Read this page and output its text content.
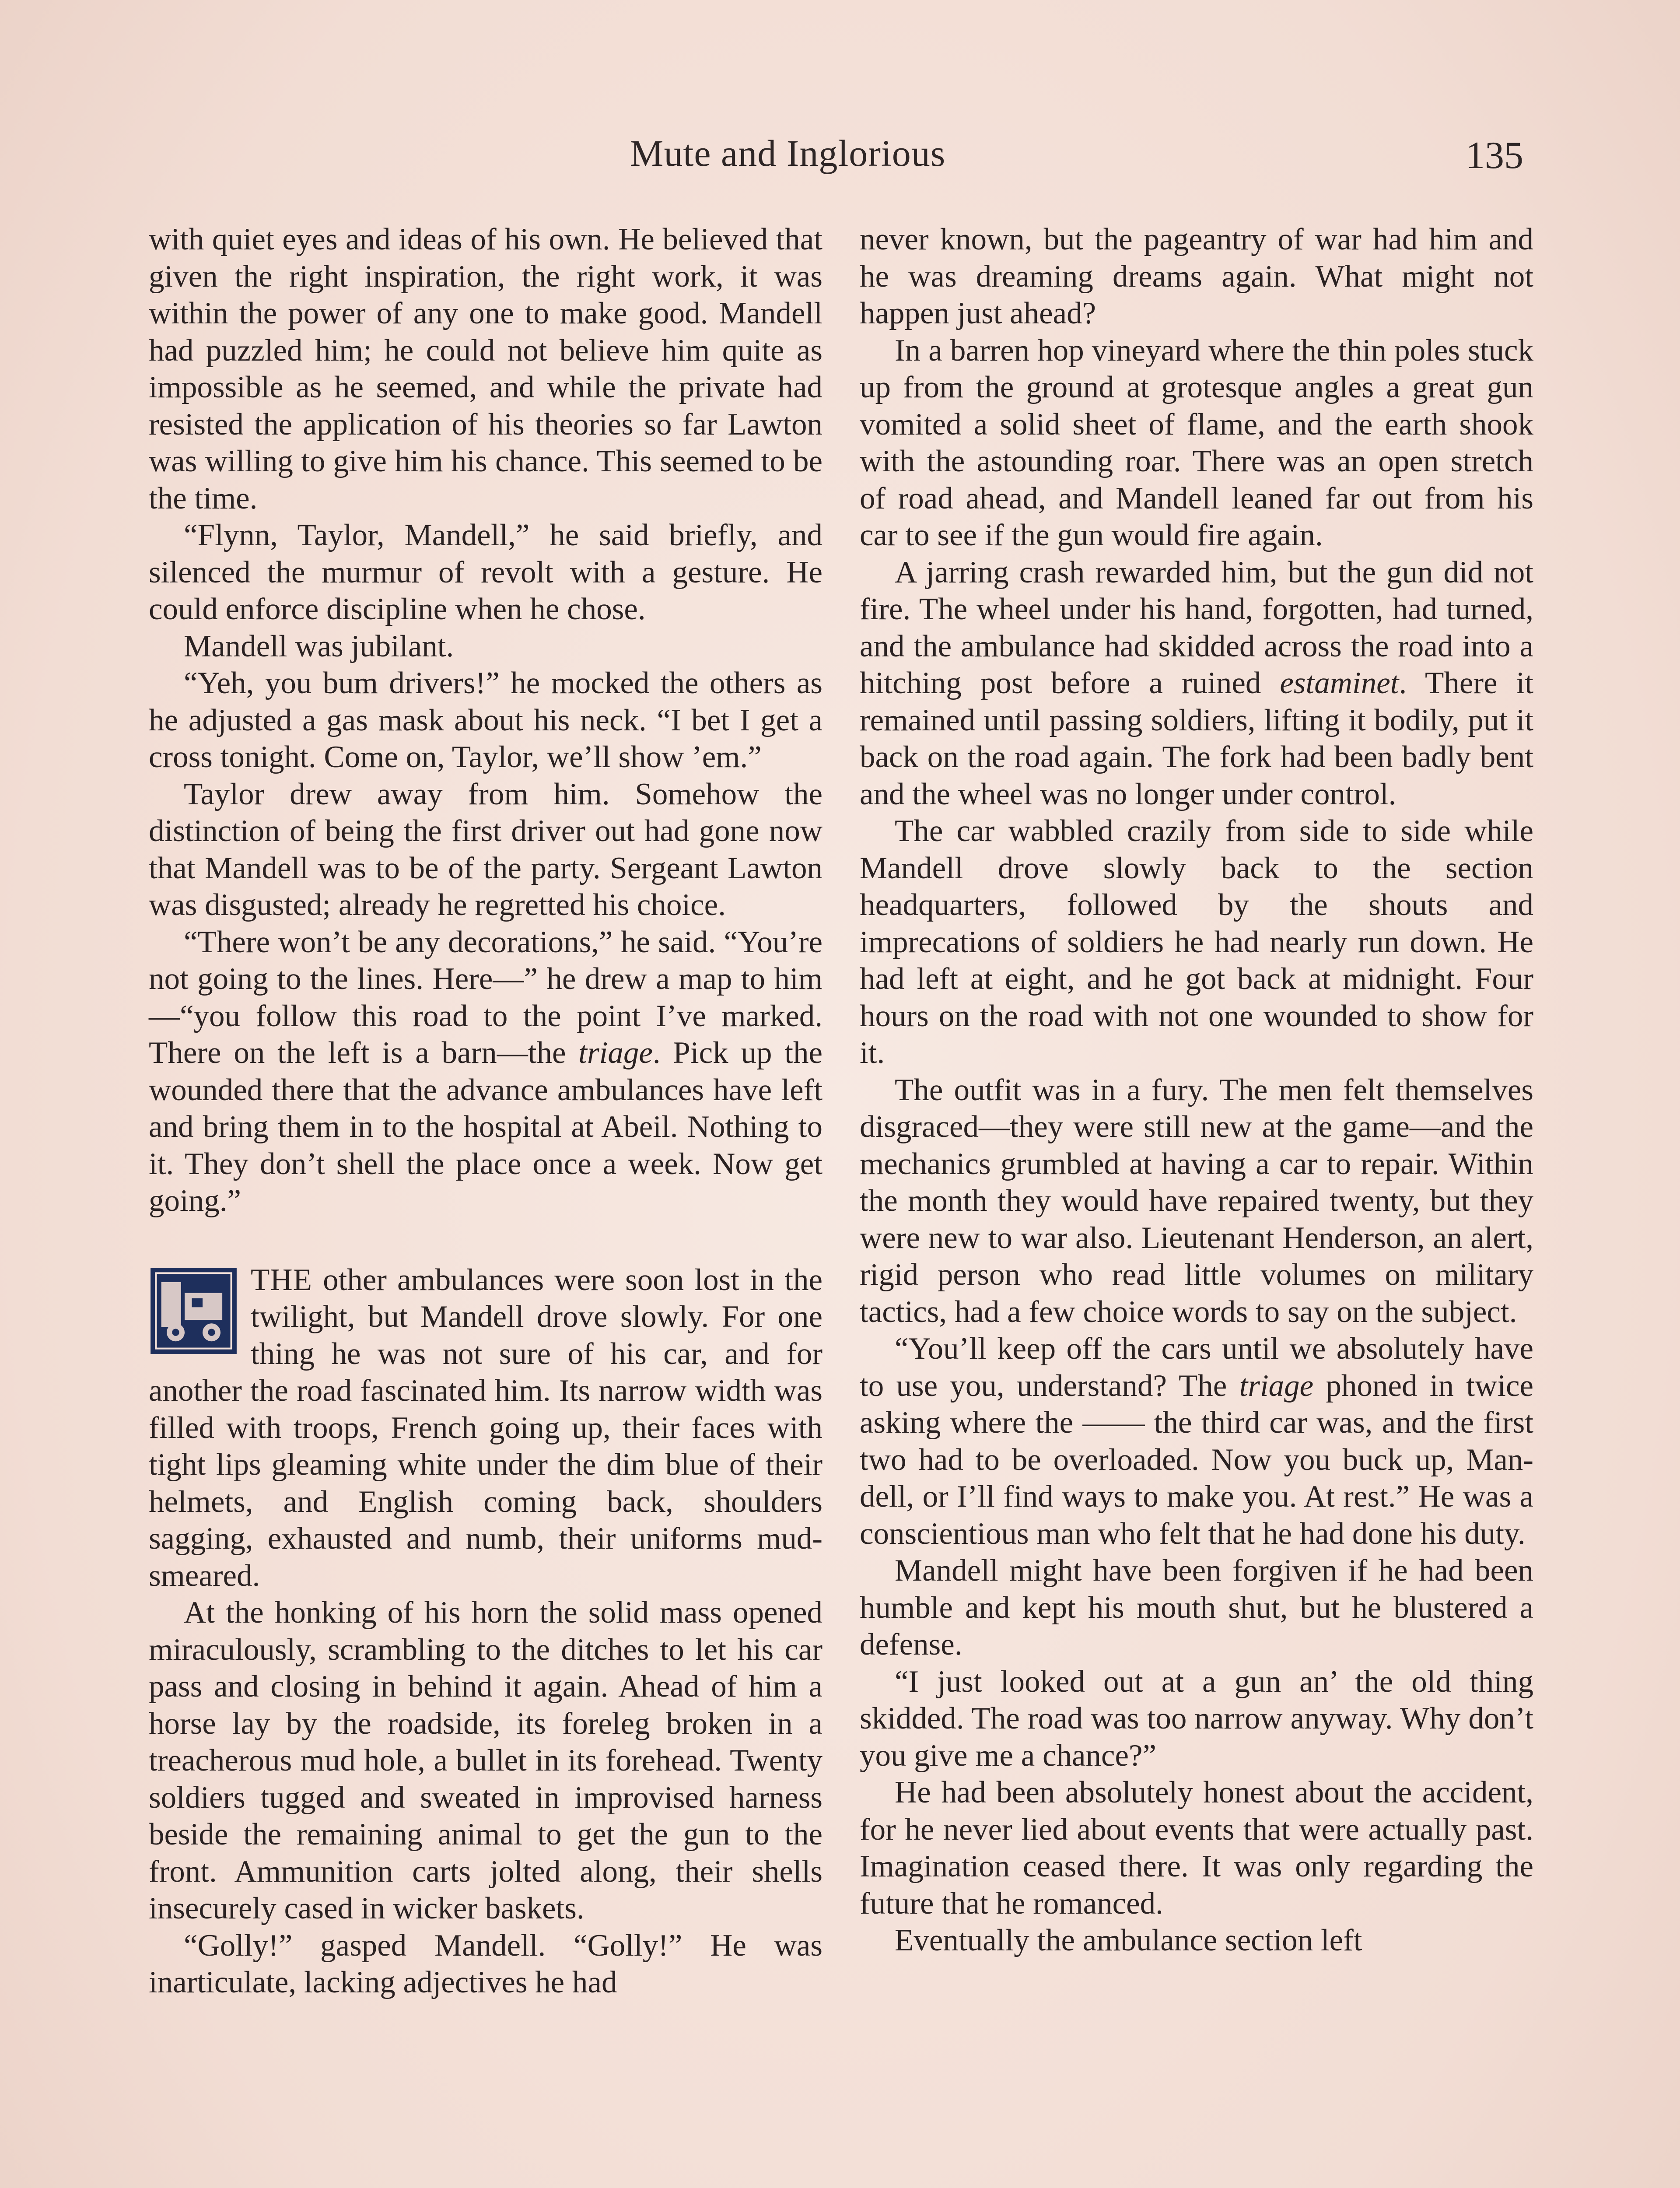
Mute and Inglorious	135

with quiet eyes and ideas of his own. He believed that given the right inspiration, the right work, it was within the power of any one to make good. Mandell had puzzled him; he could not believe him quite as impossible as he seemed, and while the private had resisted the application of his theories so far Lawton was willing to give him his chance. This seemed to be the time.

“Flynn, Taylor, Mandell,” he said briefly, and silenced the murmur of revolt with a gesture. He could enforce discipline when he chose.

Mandell was jubilant.

“Yeh, you bum drivers!” he mocked the others as he adjusted a gas mask about his neck. “I bet I get a cross tonight. Come on, Taylor, we’ll show ’em.”

Taylor drew away from him. Somehow the distinction of being the first driver out had gone now that Mandell was to be of the party. Sergeant Lawton was disgusted; already he regretted his choice.

“There won’t be any decorations,” he said. “You’re not going to the lines. Here—” he drew a map to him—“you follow this road to the point I’ve marked. There on the left is a barn—the triage. Pick up the wounded there that the advance ambulances have left and bring them in to the hospital at Abeil. Nothing to it. They don’t shell the place once a week. Now get going.”

THE other ambulances were soon lost in the twilight, but Mandell drove slowly. For one thing he was not sure of his car, and for another the road fascinated him. Its narrow width was filled with troops, French going up, their faces with tight lips gleaming white under the dim blue of their helmets, and English coming back, shoulders sagging, exhausted and numb, their uniforms mud-smeared.

At the honking of his horn the solid mass opened miraculously, scrambling to the ditches to let his car pass and closing in behind it again. Ahead of him a horse lay by the roadside, its foreleg broken in a treacherous mud hole, a bullet in its forehead. Twenty soldiers tugged and sweated in improvised harness beside the remaining animal to get the gun to the front. Ammunition carts jolted along, their shells insecurely cased in wicker baskets.

“Golly!” gasped Mandell. “Golly!” He was inarticulate, lacking adjectives he had

never known, but the pageantry of war had him and he was dreaming dreams again. What might not happen just ahead?

In a barren hop vineyard where the thin poles stuck up from the ground at grotesque angles a great gun vomited a solid sheet of flame, and the earth shook with the astounding roar. There was an open stretch of road ahead, and Mandell leaned far out from his car to see if the gun would fire again.

A jarring crash rewarded him, but the gun did not fire. The wheel under his hand, forgotten, had turned, and the ambulance had skidded across the road into a hitching post before a ruined estaminet. There it remained until passing soldiers, lifting it bodily, put it back on the road again. The fork had been badly bent and the wheel was no longer under control.

The car wabbled crazily from side to side while Mandell drove slowly back to the section headquarters, followed by the shouts and imprecations of soldiers he had nearly run down. He had left at eight, and he got back at midnight. Four hours on the road with not one wounded to show for it.

The outfit was in a fury. The men felt themselves disgraced—they were still new at the game—and the mechanics grumbled at having a car to repair. Within the month they would have repaired twenty, but they were new to war also. Lieutenant Henderson, an alert, rigid person who read little volumes on military tactics, had a few choice words to say on the subject.

“You’ll keep off the cars until we absolutely have to use you, understand? The triage phoned in twice asking where the —— the third car was, and the first two had to be overloaded. Now you buck up, Mandell, or I’ll find ways to make you. At rest.” He was a conscientious man who felt that he had done his duty.

Mandell might have been forgiven if he had been humble and kept his mouth shut, but he blustered a defense.

“I just looked out at a gun an’ the old thing skidded. The road was too narrow anyway. Why don’t you give me a chance?”

He had been absolutely honest about the accident, for he never lied about events that were actually past. Imagination ceased there. It was only regarding the future that he romanced.

Eventually the ambulance section left
